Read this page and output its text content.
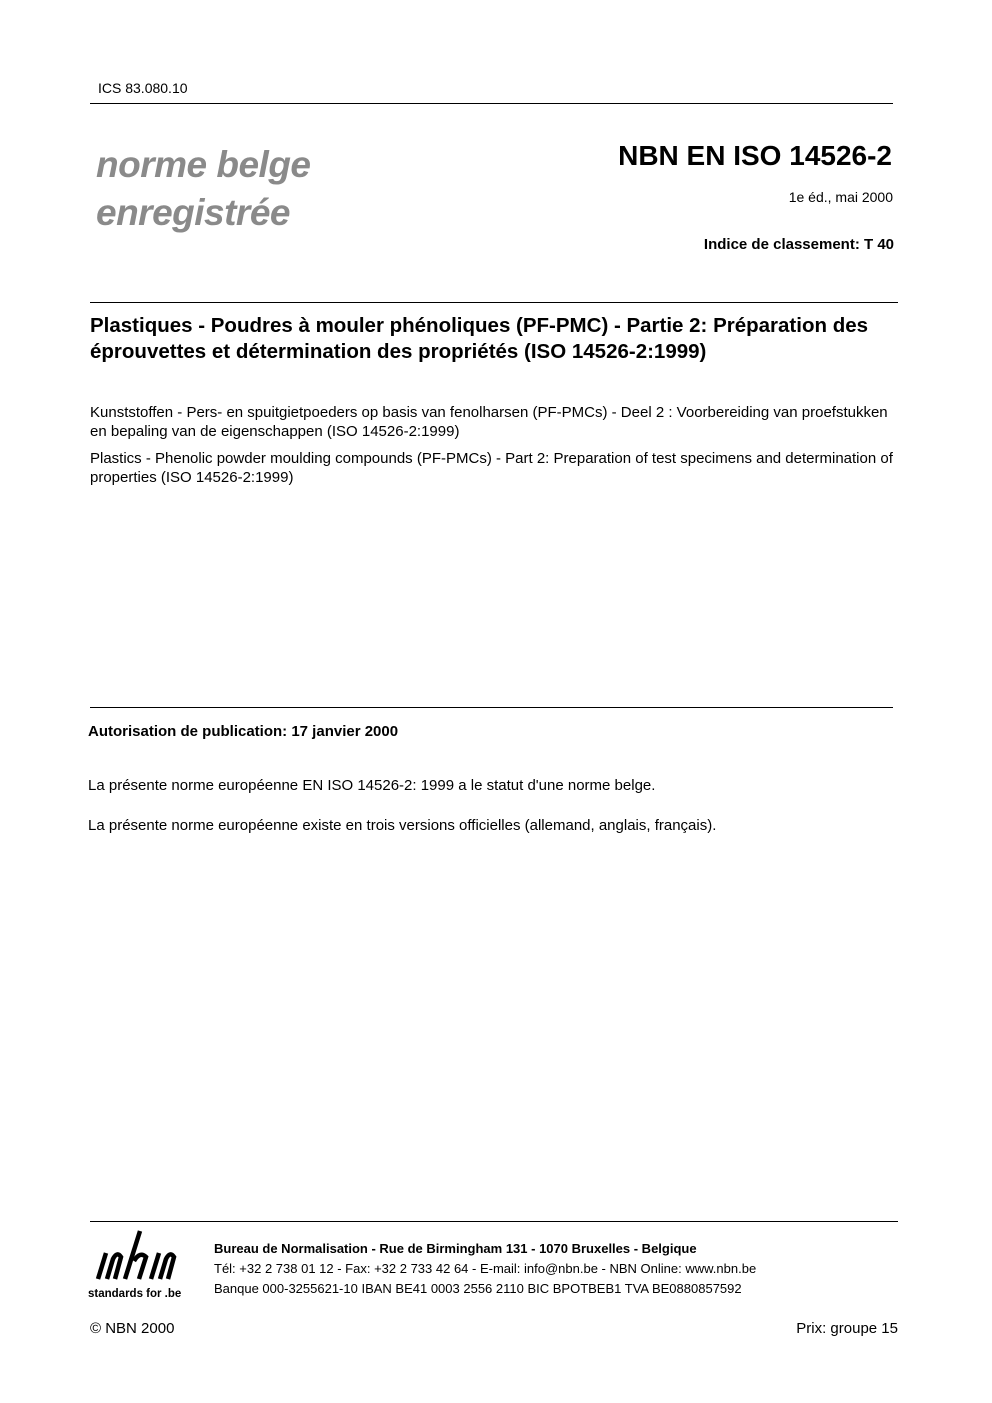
ICS 83.080.10
norme belge
enregistrée
NBN EN ISO 14526-2
1e éd., mai 2000
Indice de classement: T 40
Plastiques - Poudres à mouler phénoliques (PF-PMC) - Partie 2: Préparation des éprouvettes et détermination des propriétés (ISO 14526-2:1999)
Kunststoffen - Pers- en spuitgietpoeders op basis van fenolharsen (PF-PMCs) - Deel 2 : Voorbereiding van proefstukken en bepaling van de eigenschappen (ISO 14526-2:1999)
Plastics - Phenolic powder moulding compounds (PF-PMCs) - Part 2: Preparation of test specimens and determination of properties (ISO 14526-2:1999)
Autorisation de publication: 17 janvier 2000
La présente norme européenne EN ISO 14526-2: 1999 a le statut d'une norme belge.
La présente norme européenne existe en trois versions officielles (allemand, anglais, français).
standards for .be
Bureau de Normalisation - Rue de Birmingham 131 - 1070 Bruxelles - Belgique
Tél: +32 2 738 01 12 - Fax: +32 2 733 42 64 - E-mail: info@nbn.be - NBN Online: www.nbn.be
Banque 000-3255621-10 IBAN BE41 0003 2556 2110 BIC BPOTBEB1 TVA BE0880857592
© NBN 2000	Prix: groupe 15
